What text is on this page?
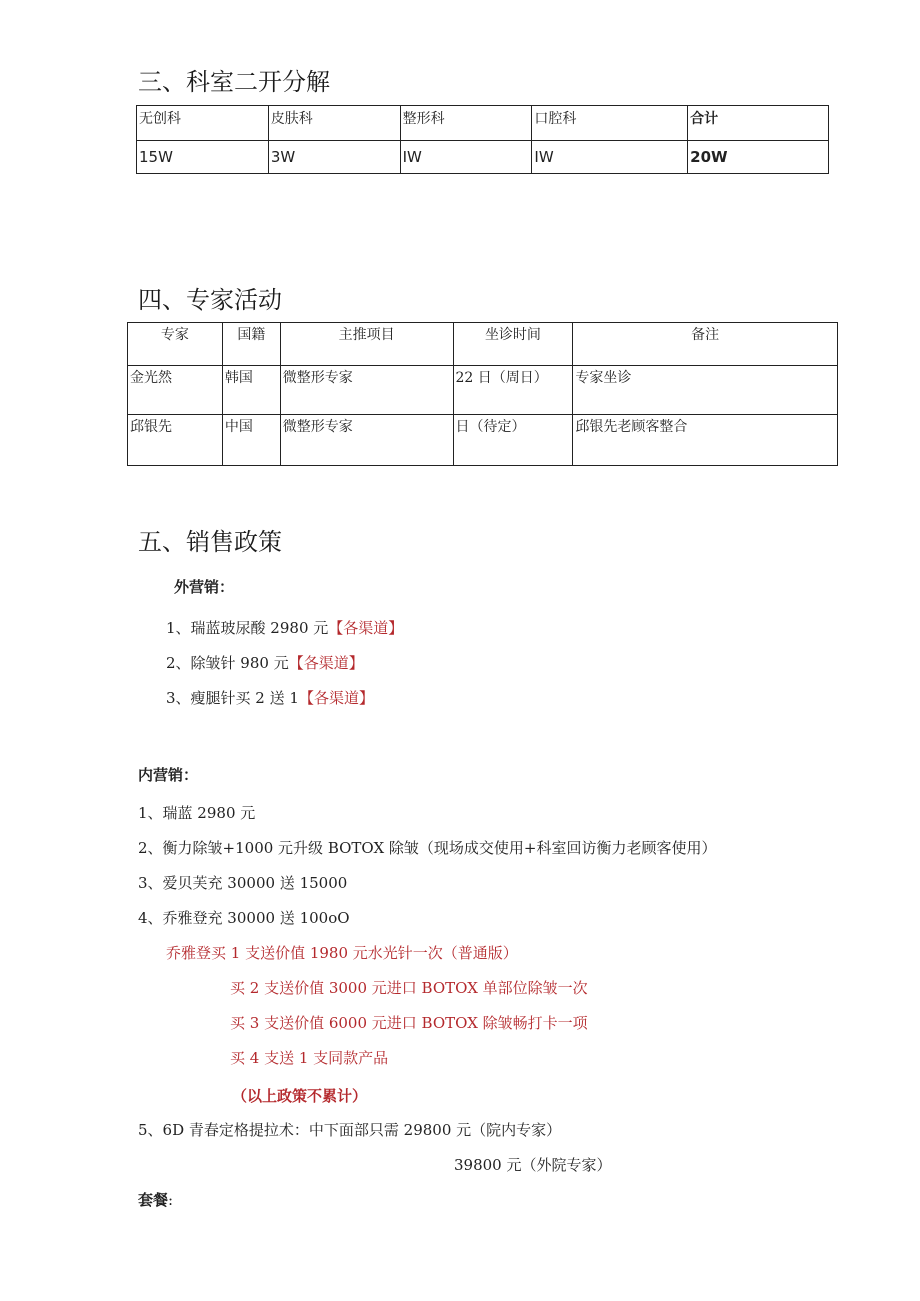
三、科室二开分解
无创科	皮肤科	整形科	口腔科	合计
15W	3W	IW	IW	20W
四、专家活动
专家	国籍	主推项目	坐诊时间	备注
金光然	韩国	微整形专家	22 日（周日）	专家坐诊
邱银先	中国	微整形专家	日（待定）	邱银先老顾客整合
五、销售政策
外营销：
1、瑞蓝玻尿酸 2980 元【各渠道】
2、除皱针 980 元【各渠道】
3、瘦腿针买 2 送 1【各渠道】
内营销：
1、瑞蓝 2980 元
2、衡力除皱+1000 元升级 BOTOX 除皱（现场成交使用+科室回访衡力老顾客使用）
3、爱贝芙充 30000 送 15000
4、乔雅登充 30000 送 100oO
乔雅登买 1 支送价值 1980 元水光针一次（普通版）
买 2 支送价值 3000 元进口 BOTOX 单部位除皱一次
买 3 支送价值 6000 元进口 BOTOX 除皱畅打卡一项
买 4 支送 1 支同款产品
（以上政策不累计）
5、6D 青春定格提拉术：中下面部只需 29800 元（院内专家）
39800 元（外院专家）
套餐:
